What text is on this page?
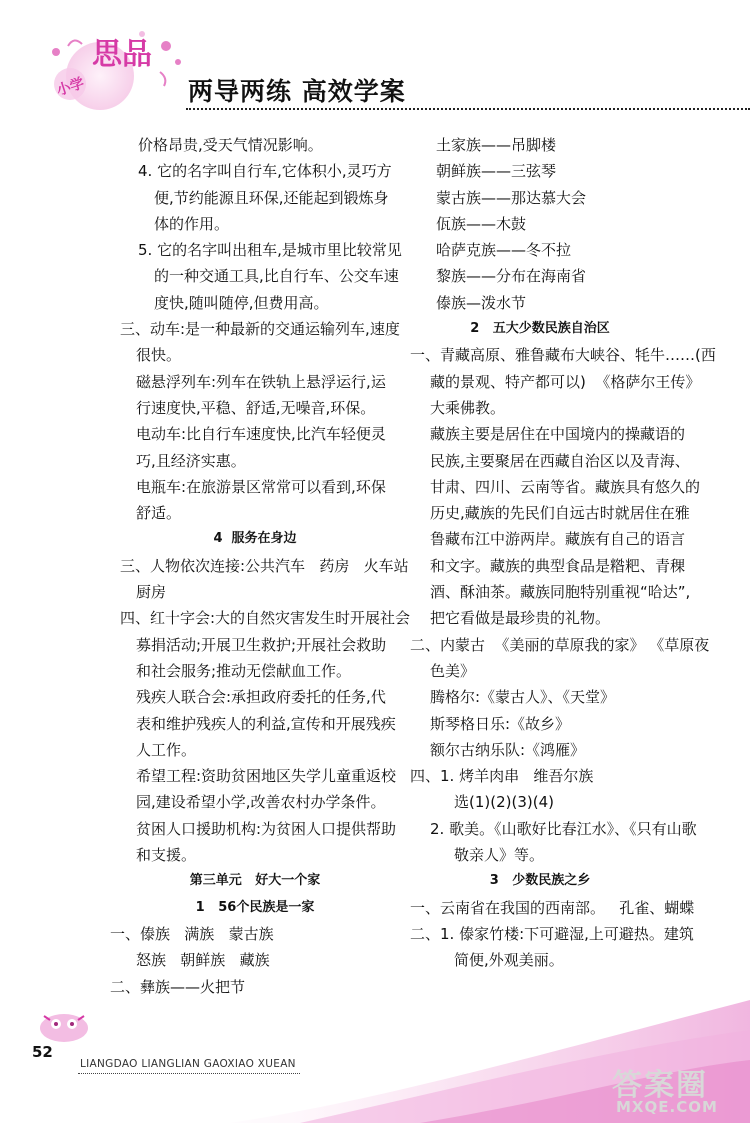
小学
思品
两导两练 高效学案
价格昂贵,受天气情况影响。
4. 它的名字叫自行车,它体积小,灵巧方
便,节约能源且环保,还能起到锻炼身
体的作用。
5. 它的名字叫出租车,是城市里比较常见
的一种交通工具,比自行车、公交车速
度快,随叫随停,但费用高。
三、动车:是一种最新的交通运输列车,速度
很快。
磁悬浮列车:列车在铁轨上悬浮运行,运
行速度快,平稳、舒适,无噪音,环保。
电动车:比自行车速度快,比汽车轻便灵
巧,且经济实惠。
电瓶车:在旅游景区常常可以看到,环保
舒适。
4  服务在身边
三、人物依次连接:公共汽车   药房   火车站
厨房
四、红十字会:大的自然灾害发生时开展社会
募捐活动;开展卫生救护;开展社会救助
和社会服务;推动无偿献血工作。
残疾人联合会:承担政府委托的任务,代
表和维护残疾人的利益,宣传和开展残疾
人工作。
希望工程:资助贫困地区失学儿童重返校
园,建设希望小学,改善农村办学条件。
贫困人口援助机构:为贫困人口提供帮助
和支援。
第三单元   好大一个家
1   56个民族是一家
一、傣族   满族   蒙古族
怒族   朝鲜族   藏族
二、彝族——火把节
土家族——吊脚楼
朝鲜族——三弦琴
蒙古族——那达慕大会
佤族——木鼓
哈萨克族——冬不拉
黎族——分布在海南省
傣族—泼水节
2   五大少数民族自治区
一、青藏高原、雅鲁藏布大峡谷、牦牛……(西
藏的景观、特产都可以)  《格萨尔王传》
大乘佛教。
藏族主要是居住在中国境内的操藏语的
民族,主要聚居在西藏自治区以及青海、
甘肃、四川、云南等省。藏族具有悠久的
历史,藏族的先民们自远古时就居住在雅
鲁藏布江中游两岸。藏族有自己的语言
和文字。藏族的典型食品是糌粑、青稞
酒、酥油茶。藏族同胞特别重视“哈达”,
把它看做是最珍贵的礼物。
二、内蒙古  《美丽的草原我的家》 《草原夜
色美》
腾格尔:《蒙古人》、《天堂》
斯琴格日乐:《故乡》
额尔古纳乐队:《鸿雁》
四、1. 烤羊肉串   维吾尔族
选(1)(2)(3)(4)
2. 歌美。《山歌好比春江水》、《只有山歌
敬亲人》等。
3   少数民族之乡
一、云南省在我国的西南部。   孔雀、蝴蝶
二、1. 傣家竹楼:下可避湿,上可避热。建筑
简便,外观美丽。
52
LIANGDAO LIANGLIAN GAOXIAO XUEAN
答案圈
MXQE.COM
